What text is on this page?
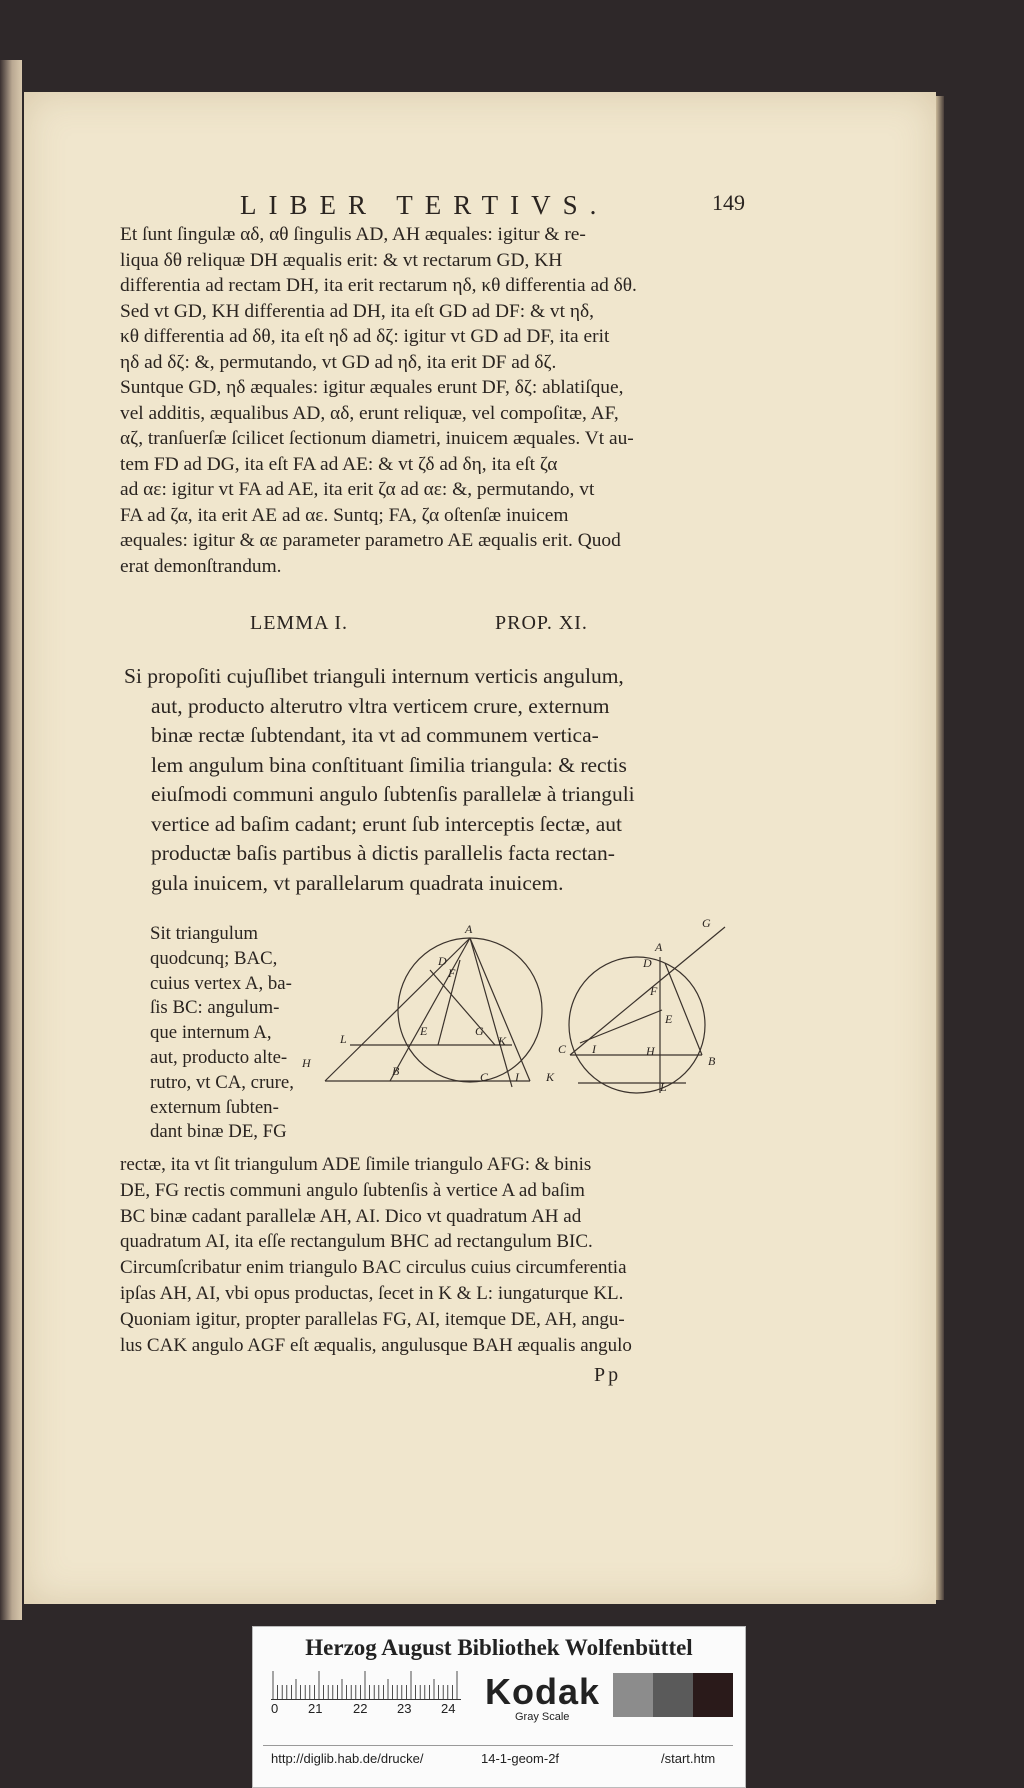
LIBER TERTIVS.	149
Et ſunt ſingulæ αδ, αθ ſingulis AD, AH æquales: igitur & re-
liqua δθ reliquæ DH æqualis erit: & vt rectarum GD, KH
differentia ad rectam DH, ita erit rectarum ηδ, κθ differentia ad δθ.
Sed vt GD, KH differentia ad DH, ita eſt GD ad DF: & vt ηδ,
κθ differentia ad δθ, ita eſt ηδ ad δζ: igitur vt GD ad DF, ita erit
ηδ ad δζ: &, permutando, vt GD ad ηδ, ita erit DF ad δζ.
Suntque GD, ηδ æquales: igitur æquales erunt DF, δζ: ablatiſque,
vel additis, æqualibus AD, αδ, erunt reliquæ, vel compoſitæ, AF,
αζ, tranſuerſæ ſcilicet ſectionum diametri, inuicem æquales. Vt au-
tem FD ad DG, ita eſt FA ad AE: & vt ζδ ad δη, ita eſt ζα
ad αε: igitur vt FA ad AE, ita erit ζα ad αε: &, permutando, vt
FA ad ζα, ita erit AE ad αε. Suntq; FA, ζα oſtenſæ inuicem
æquales: igitur & αε parameter parametro AE æqualis erit. Quod
erat demonſtrandum.
LEMMA I.	PROP. XI.
Si propoſiti cujuſlibet trianguli internum verticis angulum,
aut, producto alterutro vltra verticem crure, externum
binæ rectæ ſubtendant, ita vt ad communem vertica-
lem angulum bina conſtituant ſimilia triangula: & rectis
eiuſmodi communi angulo ſubtenſis parallelæ à trianguli
vertice ad baſim cadant; erunt ſub interceptis ſectæ, aut
productæ baſis partibus à dictis parallelis facta rectan-
gula inuicem, vt parallelarum quadrata inuicem.
Sit triangulum
quodcunq; BAC,
cuius vertex A, ba-
ſis BC: angulum-
que internum A,
aut, producto alte-
rutro, vt CA, crure,
externum ſubten-
dant binæ DE, FG
A
F
G
E
D
L
H
B
K
C I
A
D
G
F
E
H
B
C I
K
L
rectæ, ita vt ſit triangulum ADE ſimile triangulo AFG: & binis
DE, FG rectis communi angulo ſubtenſis à vertice A ad baſim
BC binæ cadant parallelæ AH, AI. Dico vt quadratum AH ad
quadratum AI, ita eſſe rectangulum BHC ad rectangulum BIC.
Circumſcribatur enim triangulo BAC circulus cuius circumferentia
ipſas AH, AI, vbi opus productas, ſecet in K & L: iungaturque KL.
Quoniam igitur, propter parallelas FG, AI, itemque DE, AH, angu-
lus CAK angulo AGF eſt æqualis, angulusque BAH æqualis angulo
Pp
Herzog August Bibliothek Wolfenbüttel
0 21 22 23 24 Kodak
Gray Scale
http://diglib.hab.de/drucke/	14-1-geom-2f	/start.htm
